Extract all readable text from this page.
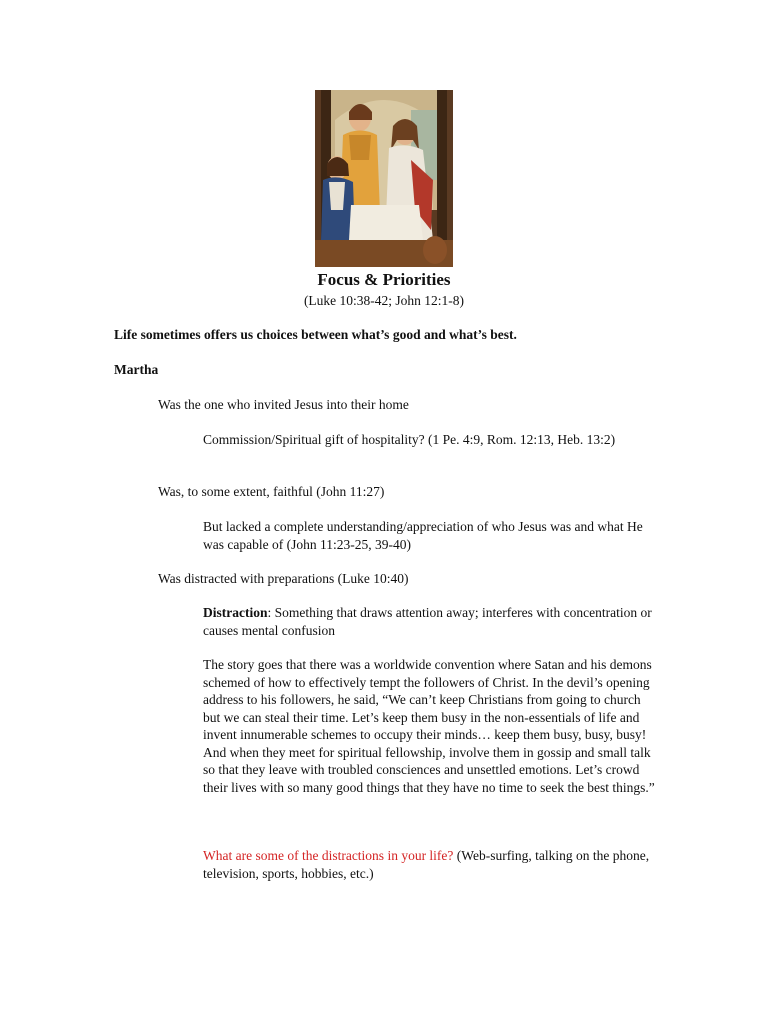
Focus & Priorities
(Luke 10:38-42; John 12:1-8)

Life sometimes offers us choices between what’s good and what’s best.

Martha

Was the one who invited Jesus into their home

Commission/Spiritual gift of hospitality? (1 Pe. 4:9, Rom. 12:13, Heb. 13:2)

Was, to some extent, faithful (John 11:27)

But lacked a complete understanding/appreciation of who Jesus was and what He was capable of (John 11:23-25, 39-40)

Was distracted with preparations (Luke 10:40)

Distraction: Something that draws attention away; interferes with concentration or causes mental confusion

The story goes that there was a worldwide convention where Satan and his demons schemed of how to effectively tempt the followers of Christ. In the devil’s opening address to his followers, he said, “We can’t keep Christians from going to church but we can steal their time. Let’s keep them busy in the non-essentials of life and invent innumerable schemes to occupy their minds… keep them busy, busy, busy! And when they meet for spiritual fellowship, involve them in gossip and small talk so that they leave with troubled consciences and unsettled emotions. Let’s crowd their lives with so many good things that they have no time to seek the best things.”

What are some of the distractions in your life? (Web-surfing, talking on the phone, television, sports, hobbies, etc.)
